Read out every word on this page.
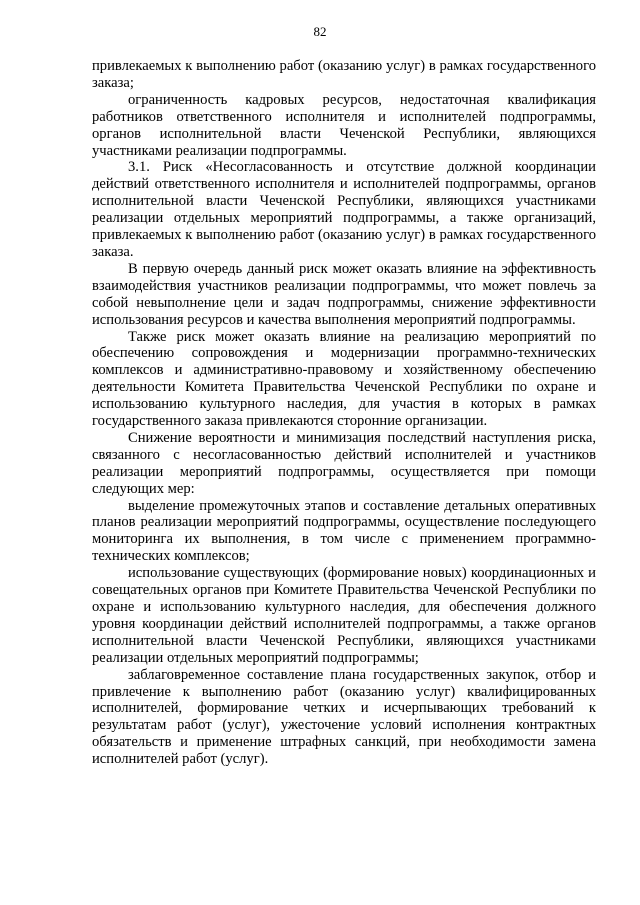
82

привлекаемых к выполнению работ (оказанию услуг) в рамках государственного заказа;

ограниченность кадровых ресурсов, недостаточная квалификация работников ответственного исполнителя и исполнителей подпрограммы, органов исполнительной власти Чеченской Республики, являющихся участниками реализации подпрограммы.

3.1. Риск «Несогласованность и отсутствие должной координации действий ответственного исполнителя и исполнителей подпрограммы, органов исполнительной власти Чеченской Республики, являющихся участниками реализации отдельных мероприятий подпрограммы, а также организаций, привлекаемых к выполнению работ (оказанию услуг) в рамках государственного заказа.

В первую очередь данный риск может оказать влияние на эффективность взаимодействия участников реализации подпрограммы, что может повлечь за собой невыполнение цели и задач подпрограммы, снижение эффективности использования ресурсов и качества выполнения мероприятий подпрограммы.

Также риск может оказать влияние на реализацию мероприятий по обеспечению сопровождения и модернизации программно-технических комплексов и административно-правовому и хозяйственному обеспечению деятельности Комитета Правительства Чеченской Республики по охране и использованию культурного наследия, для участия в которых в рамках государственного заказа привлекаются сторонние организации.

Снижение вероятности и минимизация последствий наступления риска, связанного с несогласованностью действий исполнителей и участников реализации мероприятий подпрограммы, осуществляется при помощи следующих мер:

выделение промежуточных этапов и составление детальных оперативных планов реализации мероприятий подпрограммы, осуществление последующего мониторинга их выполнения, в том числе с применением программно-технических комплексов;

использование существующих (формирование новых) координационных и совещательных органов при Комитете Правительства Чеченской Республики по охране и использованию культурного наследия, для обеспечения должного уровня координации действий исполнителей подпрограммы, а также органов исполнительной власти Чеченской Республики, являющихся участниками реализации отдельных мероприятий подпрограммы;

заблаговременное составление плана государственных закупок, отбор и привлечение к выполнению работ (оказанию услуг) квалифицированных исполнителей, формирование четких и исчерпывающих требований к результатам работ (услуг), ужесточение условий исполнения контрактных обязательств и применение штрафных санкций, при необходимости замена исполнителей работ (услуг).
